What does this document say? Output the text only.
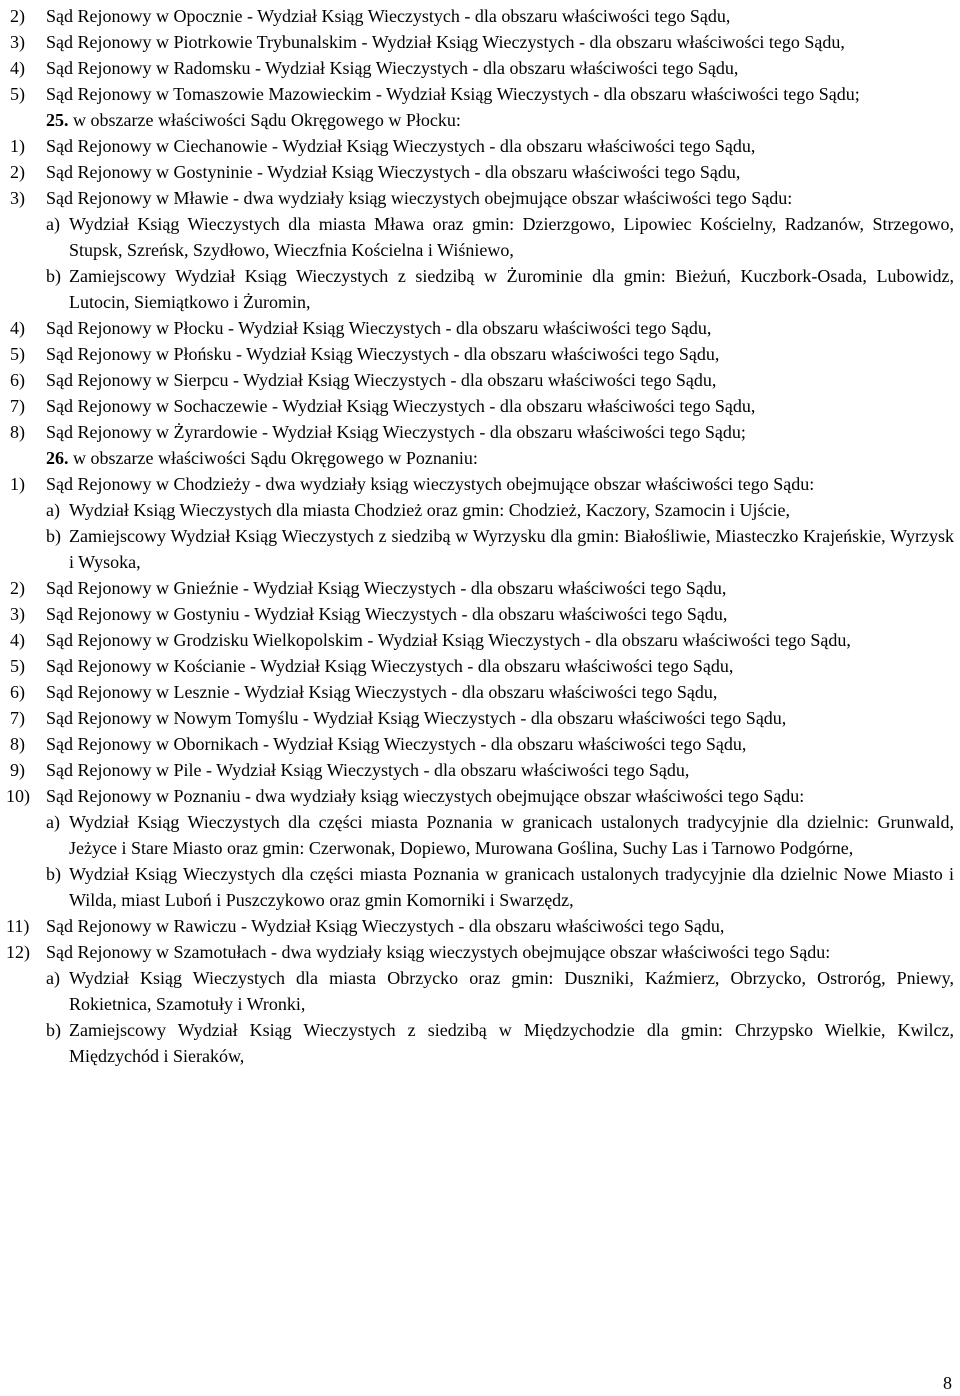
2) Sąd Rejonowy w Opocznie - Wydział Ksiąg Wieczystych - dla obszaru właściwości tego Sądu,
3) Sąd Rejonowy w Piotrkowie Trybunalskim - Wydział Ksiąg Wieczystych - dla obszaru właściwości tego Sądu,
4) Sąd Rejonowy w Radomsku - Wydział Ksiąg Wieczystych - dla obszaru właściwości tego Sądu,
5) Sąd Rejonowy w Tomaszowie Mazowieckim - Wydział Ksiąg Wieczystych - dla obszaru właściwości tego Sądu;
25. w obszarze właściwości Sądu Okręgowego w Płocku:
1) Sąd Rejonowy w Ciechanowie - Wydział Ksiąg Wieczystych - dla obszaru właściwości tego Sądu,
2) Sąd Rejonowy w Gostyninie - Wydział Ksiąg Wieczystych - dla obszaru właściwości tego Sądu,
3) Sąd Rejonowy w Mławie - dwa wydziały ksiąg wieczystych obejmujące obszar właściwości tego Sądu:
a) Wydział Ksiąg Wieczystych dla miasta Mława oraz gmin: Dzierzgowo, Lipowiec Kościelny, Radzanów, Strzegowo, Stupsk, Szreńsk, Szydłowo, Wieczfnia Kościelna i Wiśniewo,
b) Zamiejscowy Wydział Ksiąg Wieczystych z siedzibą w Żurominie dla gmin: Bieżuń, Kuczbork-Osada, Lubowidz, Lutocin, Siemiątkowo i Żuromin,
4) Sąd Rejonowy w Płocku - Wydział Ksiąg Wieczystych - dla obszaru właściwości tego Sądu,
5) Sąd Rejonowy w Płońsku - Wydział Ksiąg Wieczystych - dla obszaru właściwości tego Sądu,
6) Sąd Rejonowy w Sierpcu - Wydział Ksiąg Wieczystych - dla obszaru właściwości tego Sądu,
7) Sąd Rejonowy w Sochaczewie - Wydział Ksiąg Wieczystych - dla obszaru właściwości tego Sądu,
8) Sąd Rejonowy w Żyrardowie - Wydział Ksiąg Wieczystych - dla obszaru właściwości tego Sądu;
26. w obszarze właściwości Sądu Okręgowego w Poznaniu:
1) Sąd Rejonowy w Chodzieży - dwa wydziały ksiąg wieczystych obejmujące obszar właściwości tego Sądu:
a) Wydział Ksiąg Wieczystych dla miasta Chodzież oraz gmin: Chodzież, Kaczory, Szamocin i Ujście,
b) Zamiejscowy Wydział Ksiąg Wieczystych z siedzibą w Wyrzysku dla gmin: Białośliwie, Miasteczko Krajeńskie, Wyrzysk i Wysoka,
2) Sąd Rejonowy w Gnieźnie - Wydział Ksiąg Wieczystych - dla obszaru właściwości tego Sądu,
3) Sąd Rejonowy w Gostyniu - Wydział Ksiąg Wieczystych - dla obszaru właściwości tego Sądu,
4) Sąd Rejonowy w Grodzisku Wielkopolskim - Wydział Ksiąg Wieczystych - dla obszaru właściwości tego Sądu,
5) Sąd Rejonowy w Kościanie - Wydział Ksiąg Wieczystych - dla obszaru właściwości tego Sądu,
6) Sąd Rejonowy w Lesznie - Wydział Ksiąg Wieczystych - dla obszaru właściwości tego Sądu,
7) Sąd Rejonowy w Nowym Tomyślu - Wydział Ksiąg Wieczystych - dla obszaru właściwości tego Sądu,
8) Sąd Rejonowy w Obornikach - Wydział Ksiąg Wieczystych - dla obszaru właściwości tego Sądu,
9) Sąd Rejonowy w Pile - Wydział Ksiąg Wieczystych - dla obszaru właściwości tego Sądu,
10) Sąd Rejonowy w Poznaniu - dwa wydziały ksiąg wieczystych obejmujące obszar właściwości tego Sądu:
a) Wydział Ksiąg Wieczystych dla części miasta Poznania w granicach ustalonych tradycyjnie dla dzielnic: Grunwald, Jeżyce i Stare Miasto oraz gmin: Czerwonak, Dopiewo, Murowana Goślina, Suchy Las i Tarnowo Podgórne,
b) Wydział Ksiąg Wieczystych dla części miasta Poznania w granicach ustalonych tradycyjnie dla dzielnic Nowe Miasto i Wilda, miast Luboń i Puszczykowo oraz gmin Komorniki i Swarzędz,
11) Sąd Rejonowy w Rawiczu - Wydział Ksiąg Wieczystych - dla obszaru właściwości tego Sądu,
12) Sąd Rejonowy w Szamotułach - dwa wydziały ksiąg wieczystych obejmujące obszar właściwości tego Sądu:
a) Wydział Ksiąg Wieczystych dla miasta Obrzycko oraz gmin: Duszniki, Kaźmierz, Obrzycko, Ostroróg, Pniewy, Rokietnica, Szamotuły i Wronki,
b) Zamiejscowy Wydział Ksiąg Wieczystych z siedzibą w Międzychodzie dla gmin: Chrzypsko Wielkie, Kwilcz, Międzychód i Sieraków,
8
